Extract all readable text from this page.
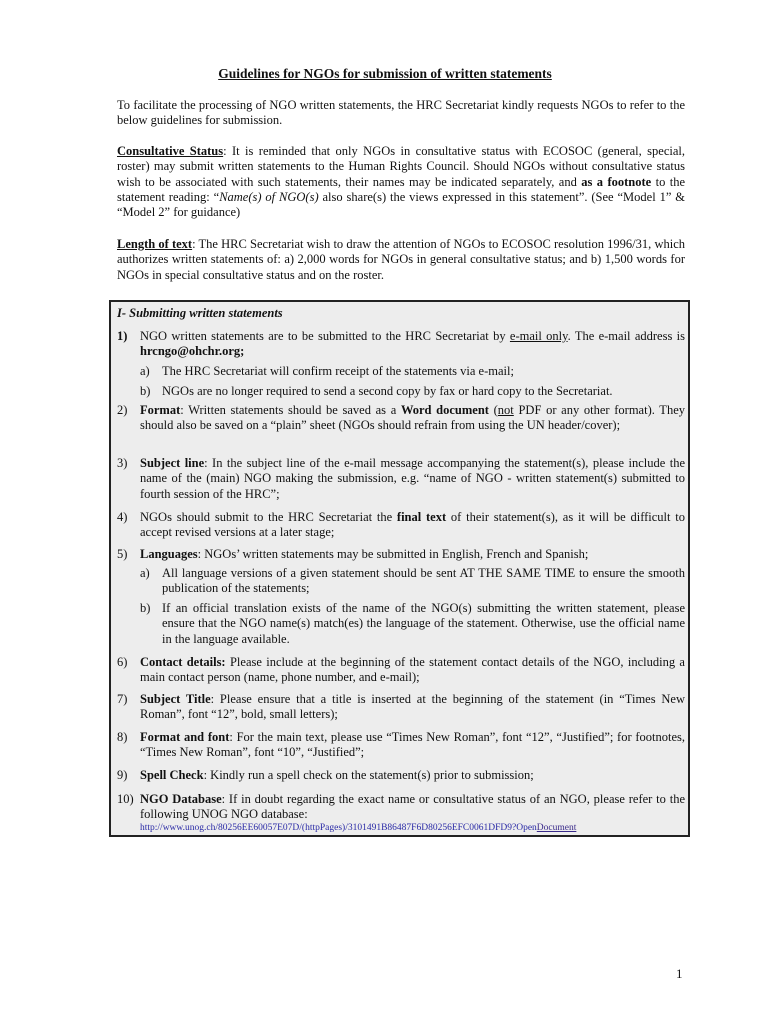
Guidelines for NGOs for submission of written statements
To facilitate the processing of NGO written statements, the HRC Secretariat kindly requests NGOs to refer to the below guidelines for submission.
Consultative Status: It is reminded that only NGOs in consultative status with ECOSOC (general, special, roster) may submit written statements to the Human Rights Council. Should NGOs without consultative status wish to be associated with such statements, their names may be indicated separately, and as a footnote to the statement reading: “Name(s) of NGO(s) also share(s) the views expressed in this statement”. (See “Model 1” & “Model 2” for guidance)
Length of text: The HRC Secretariat wish to draw the attention of NGOs to ECOSOC resolution 1996/31, which authorizes written statements of: a) 2,000 words for NGOs in general consultative status; and b) 1,500 words for NGOs in special consultative status and on the roster.
I- Submitting written statements
1) NGO written statements are to be submitted to the HRC Secretariat by e-mail only. The e-mail address is hrcngo@ohchr.org;
a) The HRC Secretariat will confirm receipt of the statements via e-mail;
b) NGOs are no longer required to send a second copy by fax or hard copy to the Secretariat.
2) Format: Written statements should be saved as a Word document (not PDF or any other format). They should also be saved on a “plain” sheet (NGOs should refrain from using the UN header/cover);
3) Subject line: In the subject line of the e-mail message accompanying the statement(s), please include the name of the (main) NGO making the submission, e.g. “name of NGO - written statement(s) submitted to fourth session of the HRC”;
4) NGOs should submit to the HRC Secretariat the final text of their statement(s), as it will be difficult to accept revised versions at a later stage;
5) Languages: NGOs’ written statements may be submitted in English, French and Spanish;
a) All language versions of a given statement should be sent AT THE SAME TIME to ensure the smooth publication of the statements;
b) If an official translation exists of the name of the NGO(s) submitting the written statement, please ensure that the NGO name(s) match(es) the language of the statement. Otherwise, use the official name in the language available.
6) Contact details: Please include at the beginning of the statement contact details of the NGO, including a main contact person (name, phone number, and e-mail);
7) Subject Title: Please ensure that a title is inserted at the beginning of the statement (in “Times New Roman”, font “12”, bold, small letters);
8) Format and font: For the main text, please use “Times New Roman”, font “12”, “Justified”; for footnotes, “Times New Roman”, font “10”, “Justified”;
9) Spell Check: Kindly run a spell check on the statement(s) prior to submission;
10) NGO Database: If in doubt regarding the exact name or consultative status of an NGO, please refer to the following UNOG NGO database:
http://www.unog.ch/80256EE60057E07D/(httpPages)/3101491B86487F6D80256EFC0061DFD9?OpenDocument
1
